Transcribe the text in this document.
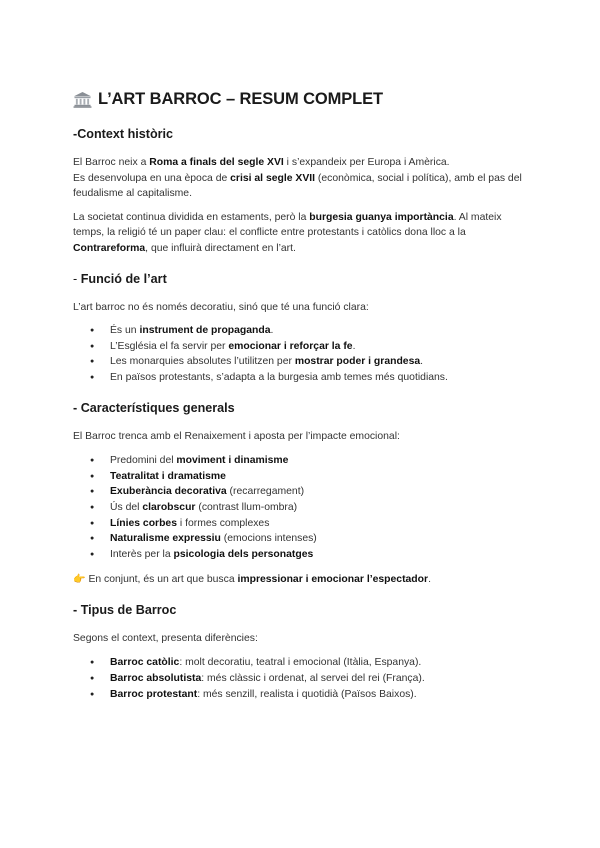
L’ART BARROC – RESUM COMPLET
-Context històric

El Barroc neix a Roma a finals del segle XVI i s’expandeix per Europa i Amèrica.

Es desenvolupa en una època de crisi al segle XVII (econòmica, social i política), amb el pas del feudalisme al capitalisme.

La societat continua dividida en estaments, però la burgesia guanya importància. Al mateix temps, la religió té un paper clau: el conflicte entre protestants i catòlics dona lloc a la Contrareforma, que influirà directament en l’art.

- Funció de l’art

L’art barroc no és només decoratiu, sinó que té una funció clara:

● És un instrument de propaganda.
● L’Església el fa servir per emocionar i reforçar la fe.
● Les monarquies absolutes l’utilitzen per mostrar poder i grandesa.
● En països protestants, s’adapta a la burgesia amb temes més quotidians.
- Característiques generals

El Barroc trenca amb el Renaixement i aposta per l’impacte emocional:

● Predomini del moviment i dinamisme
● Teatralitat i dramatisme
● Exuberància decorativa (recarregament)
● Ús del clarobscur (contrast llum-ombra)
● Línies corbes i formes complexes
● Naturalisme expressiu (emocions intenses)
● Interès per la psicologia dels personatges

👉 En conjunt, és un art que busca impressionar i emocionar l’espectador.

- Tipus de Barroc

Segons el context, presenta diferències:

● Barroc catòlic: molt decoratiu, teatral i emocional (Itàlia, Espanya).
● Barroc absolutista: més clàssic i ordenat, al servei del rei (França).
● Barroc protestant: més senzill, realista i quotidià (Països Baixos).
